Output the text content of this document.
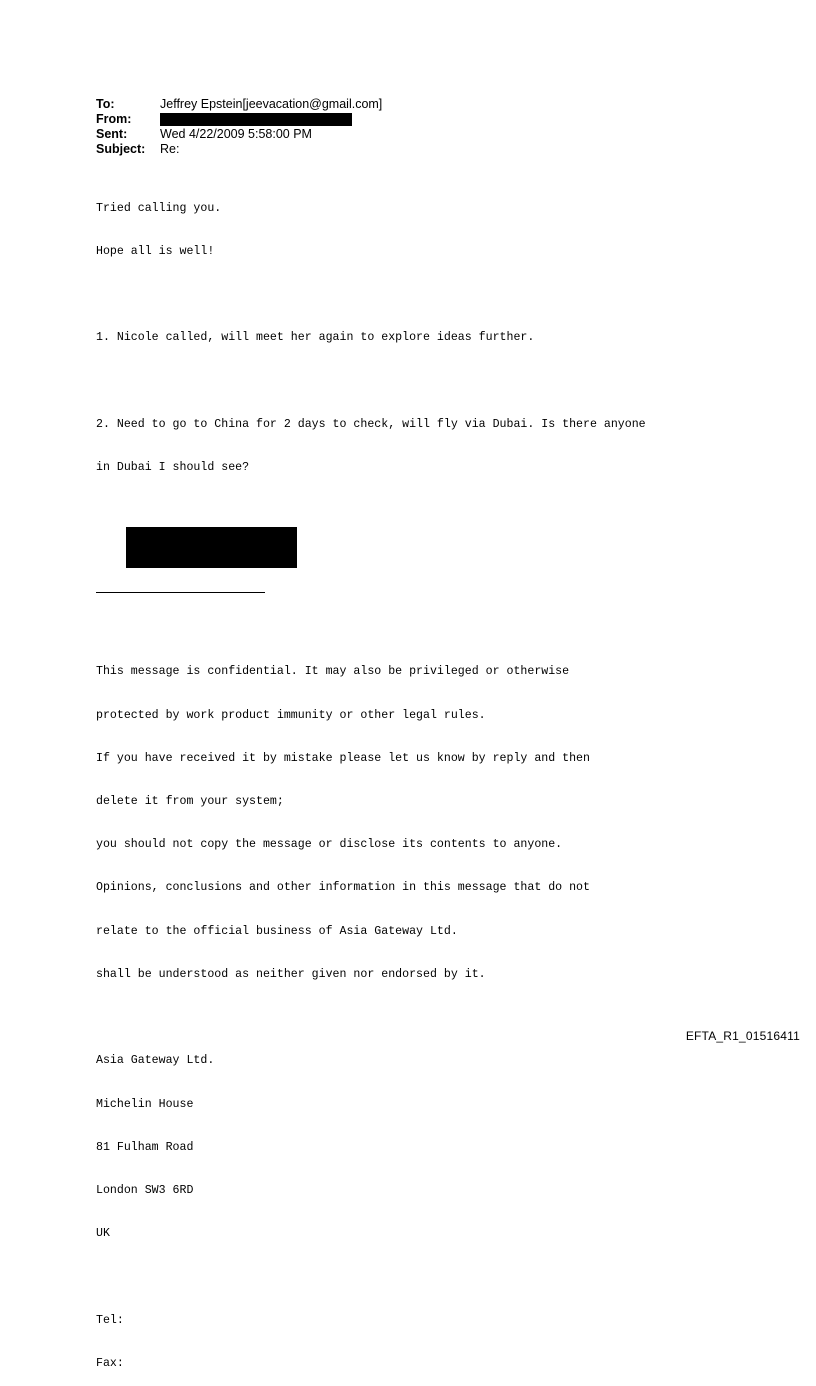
To:	Jeffrey Epstein[jeevacation@gmail.com]
From:
Sent:	Wed 4/22/2009 5:58:00 PM
Subject: Re:

Tried calling you.

Hope all is well!

1. Nicole called, will meet her again to explore ideas further.

2. Need to go to China for 2 days to check, will fly via Dubai. Is there anyone

in Dubai I should see?

This message is confidential. It may also be privileged or otherwise

protected by work product immunity or other legal rules.

If you have received it by mistake please let us know by reply and then

delete it from your system;

you should not copy the message or disclose its contents to anyone.

Opinions, conclusions and other information in this message that do not

relate to the official business of Asia Gateway Ltd.

shall be understood as neither given nor endorsed by it.

Asia Gateway Ltd.

Michelin House

81 Fulham Road

London SW3 6RD

UK

Tel:

Fax:

EFTA_R1_01516411
